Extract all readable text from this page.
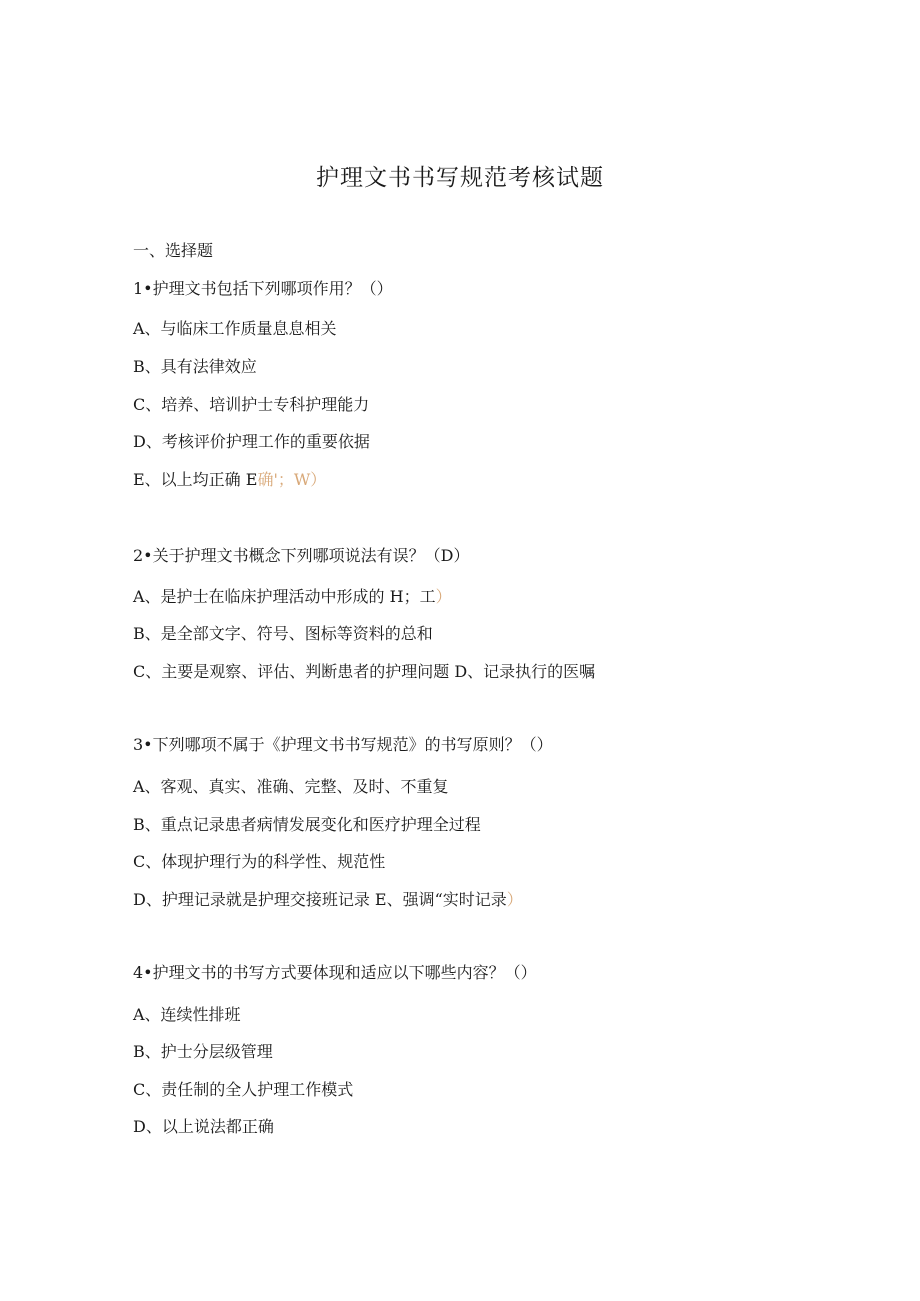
护理文书书写规范考核试题
一、选择题
1•护理文书包括下列哪项作用？（）
A、与临床工作质量息息相关
B、具有法律效应
C、培养、培训护士专科护理能力
D、考核评价护理工作的重要依据
E、以上均正确 E确'；W）
2•关于护理文书概念下列哪项说法有误？（D）
A、是护士在临床护理活动中形成的 H；工）
B、是全部文字、符号、图标等资料的总和
C、主要是观察、评估、判断患者的护理问题 D、记录执行的医嘱
3•下列哪项不属于《护理文书书写规范》的书写原则？（）
A、客观、真实、准确、完整、及时、不重复
B、重点记录患者病情发展变化和医疗护理全过程
C、体现护理行为的科学性、规范性
D、护理记录就是护理交接班记录 E、强调“实时记录）
4•护理文书的书写方式要体现和适应以下哪些内容？（）
A、连续性排班
B、护士分层级管理
C、责任制的全人护理工作模式
D、以上说法都正确
